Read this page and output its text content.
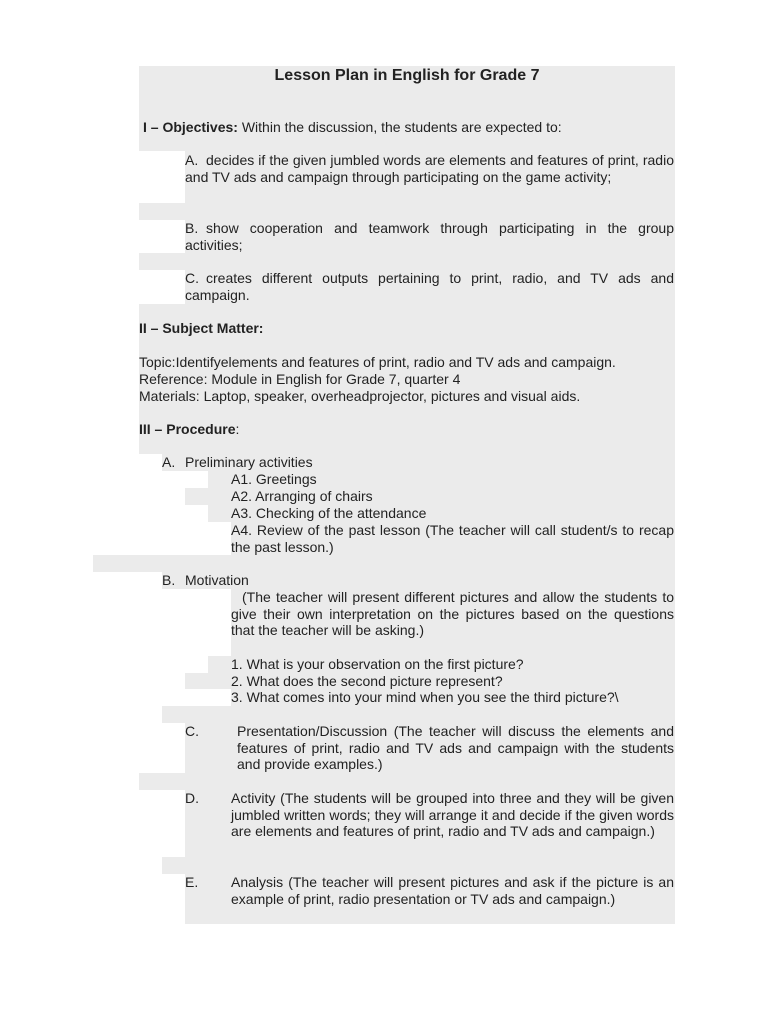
Lesson Plan in English for Grade 7
I – Objectives: Within the discussion, the students are expected to:
A. decides if the given jumbled words are elements and features of print, radio and TV ads and campaign through participating on the game activity;
B. show cooperation and teamwork through participating in the group activities;
C. creates different outputs pertaining to print, radio, and TV ads and campaign.
II – Subject Matter:
Topic:Identifyelements and features of print, radio and TV ads and campaign.
Reference: Module in English for Grade 7, quarter 4
Materials: Laptop, speaker, overheadprojector, pictures and visual aids.
III – Procedure:
A. Preliminary activities
A1. Greetings
A2. Arranging of chairs
A3. Checking of the attendance
A4. Review of the past lesson (The teacher will call student/s to recap the past lesson.)
B. Motivation
(The teacher will present different pictures and allow the students to give their own interpretation on the pictures based on the questions that the teacher will be asking.)
1. What is your observation on the first picture?
2. What does the second picture represent?
3. What comes into your mind when you see the third picture?\
C.	Presentation/Discussion (The teacher will discuss the elements and features of print, radio and TV ads and campaign with the students and provide examples.)
D. Activity (The students will be grouped into three and they will be given jumbled written words; they will arrange it and decide if the given words are elements and features of print, radio and TV ads and campaign.)
E. Analysis (The teacher will present pictures and ask if the picture is an example of print, radio presentation or TV ads and campaign.)
